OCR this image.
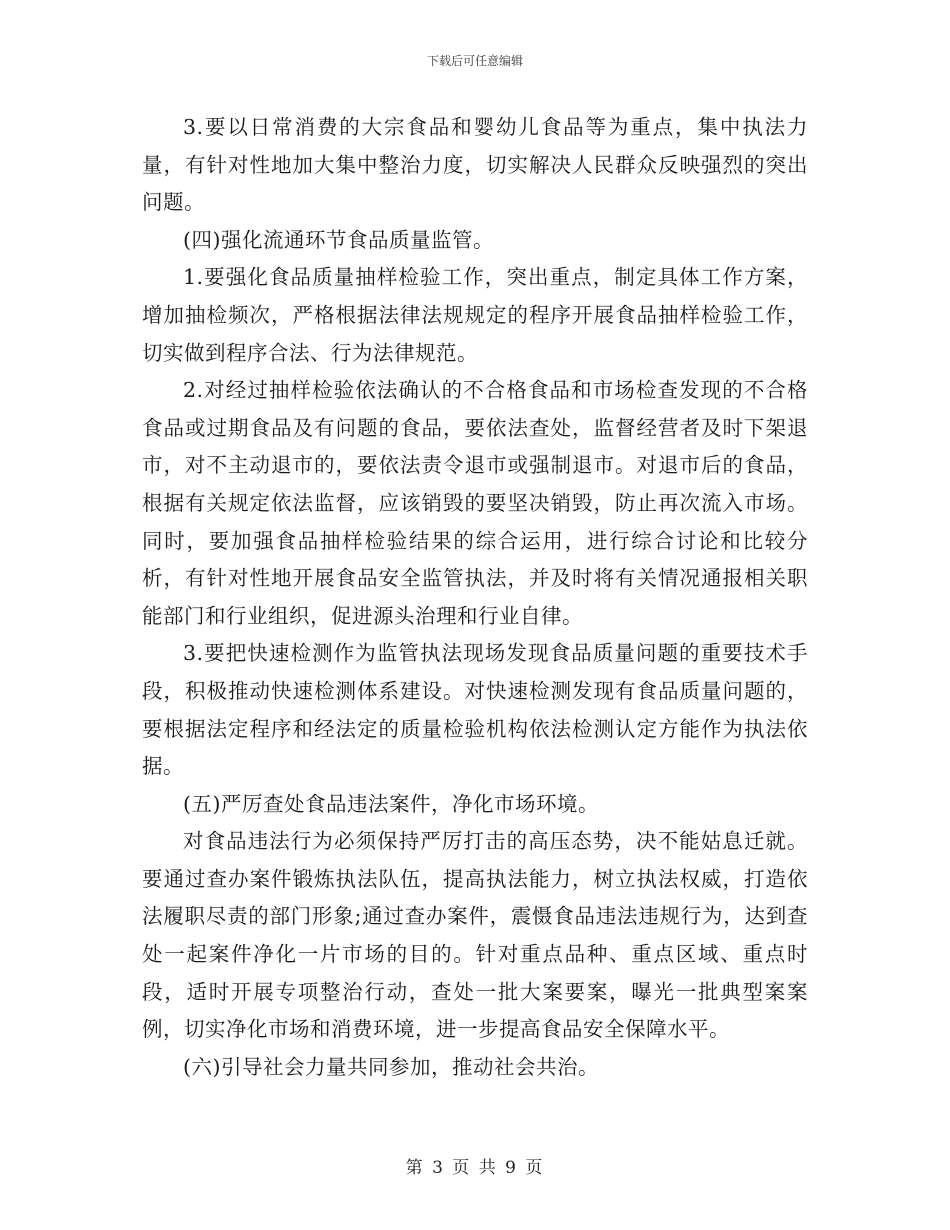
下载后可任意编辑

3.要以日常消费的大宗食品和婴幼儿食品等为重点，集中执法力量，有针对性地加大集中整治力度，切实解决人民群众反映强烈的突出问题。

(四)强化流通环节食品质量监管。

1.要强化食品质量抽样检验工作，突出重点，制定具体工作方案，增加抽检频次，严格根据法律法规规定的程序开展食品抽样检验工作，切实做到程序合法、行为法律规范。

2.对经过抽样检验依法确认的不合格食品和市场检查发现的不合格食品或过期食品及有问题的食品，要依法查处，监督经营者及时下架退市，对不主动退市的，要依法责令退市或强制退市。对退市后的食品，根据有关规定依法监督，应该销毁的要坚决销毁，防止再次流入市场。同时，要加强食品抽样检验结果的综合运用，进行综合讨论和比较分析，有针对性地开展食品安全监管执法，并及时将有关情况通报相关职能部门和行业组织，促进源头治理和行业自律。

3.要把快速检测作为监管执法现场发现食品质量问题的重要技术手段，积极推动快速检测体系建设。对快速检测发现有食品质量问题的，要根据法定程序和经法定的质量检验机构依法检测认定方能作为执法依据。

(五)严厉查处食品违法案件，净化市场环境。

对食品违法行为必须保持严厉打击的高压态势，决不能姑息迁就。要通过查办案件锻炼执法队伍，提高执法能力，树立执法权威，打造依法履职尽责的部门形象;通过查办案件，震慑食品违法违规行为，达到查处一起案件净化一片市场的目的。针对重点品种、重点区域、重点时段，适时开展专项整治行动，查处一批大案要案，曝光一批典型案案例，切实净化市场和消费环境，进一步提高食品安全保障水平。

(六)引导社会力量共同参加，推动社会共治。

第 3 页 共 9 页
